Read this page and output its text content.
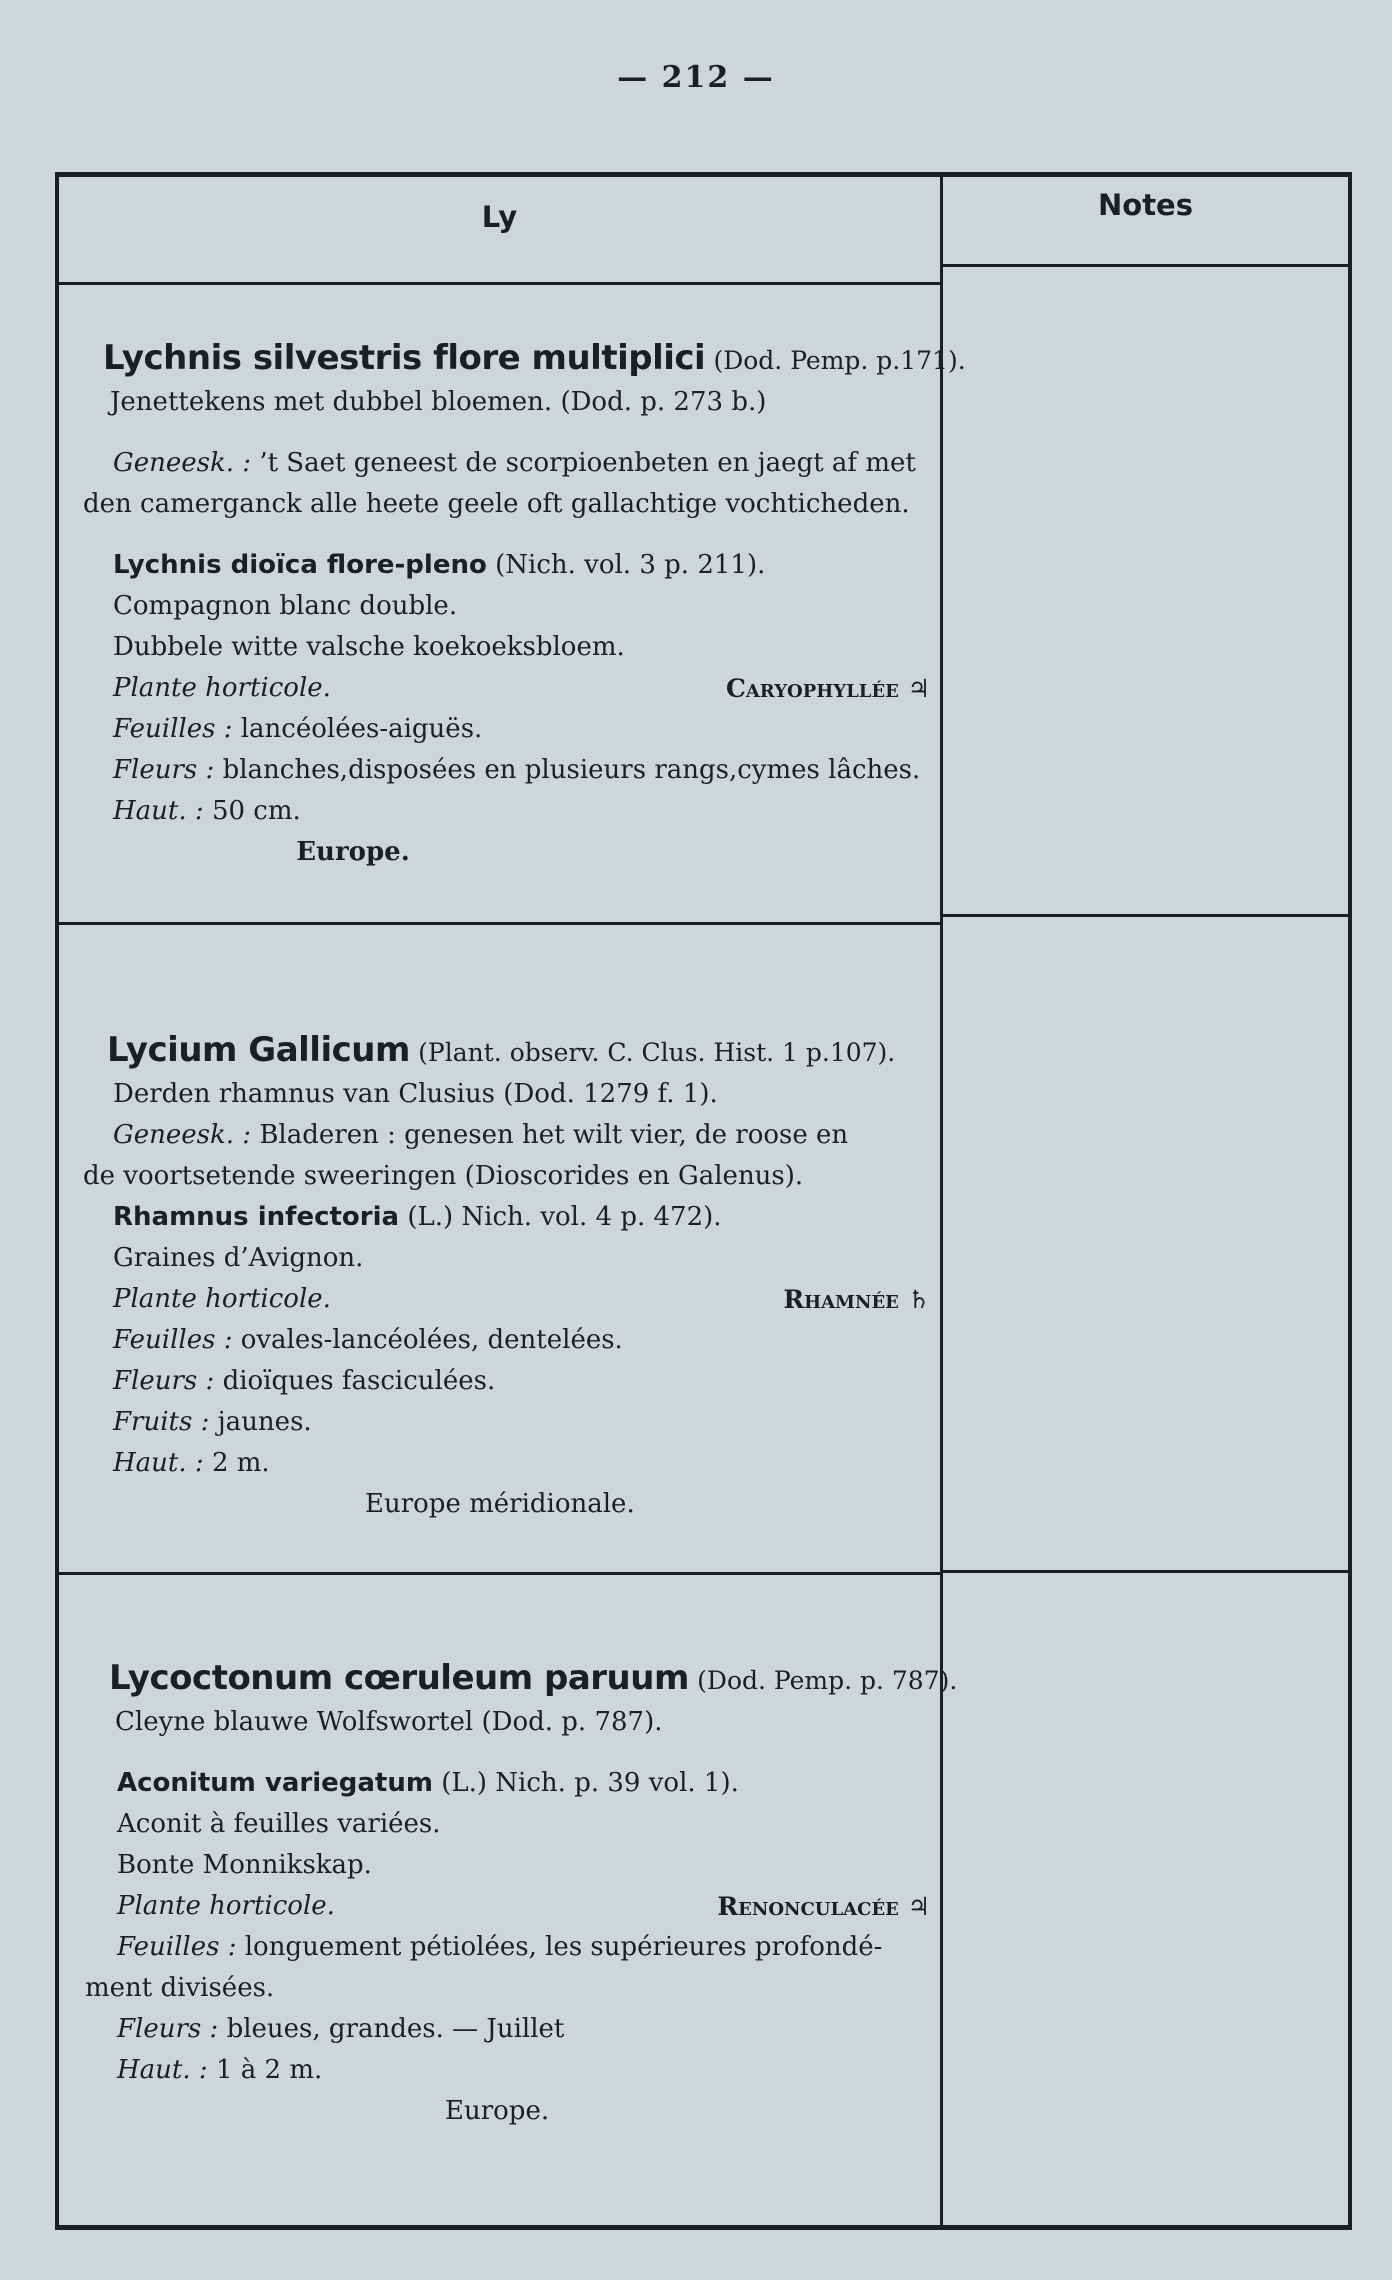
— 212 —
Ly	Notes
Lychnis silvestris flore multiplici (Dod. Pemp. p.171).
Jenettekens met dubbel bloemen. (Dod. p. 273 b.)
Geneesk. : ’t Saet geneest de scorpioenbeten en jaegt af met
den camerganck alle heete geele oft gallachtige vochticheden.
Lychnis dioïca flore-pleno (Nich. vol. 3 p. 211).
Compagnon blanc double.
Dubbele witte valsche koekoeksbloem.
Plante horticole.	Caryophyllée ♃
Feuilles : lancéolées-aiguës.
Fleurs : blanches,disposées en plusieurs rangs,cymes lâches.
Haut. : 50 cm.
Europe.
Lycium Gallicum (Plant. observ. C. Clus. Hist. 1 p.107).
Derden rhamnus van Clusius (Dod. 1279 f. 1).
Geneesk. : Bladeren : genesen het wilt vier, de roose en
de voortsetende sweeringen (Dioscorides en Galenus).
Rhamnus infectoria (L.) Nich. vol. 4 p. 472).
Graines d’Avignon.
Plante horticole.	Rhamnée ♄
Feuilles : ovales-lancéolées, dentelées.
Fleurs : dioïques fasciculées.
Fruits : jaunes.
Haut. : 2 m.
Europe méridionale.
Lycoctonum cœruleum paruum (Dod. Pemp. p. 787).
Cleyne blauwe Wolfswortel (Dod. p. 787).
Aconitum variegatum (L.) Nich. p. 39 vol. 1).
Aconit à feuilles variées.
Bonte Monnikskap.
Plante horticole.	Renonculacée ♃
Feuilles : longuement pétiolées, les supérieures profondé-
ment divisées.
Fleurs : bleues, grandes. — Juillet
Haut. : 1 à 2 m.
Europe.
